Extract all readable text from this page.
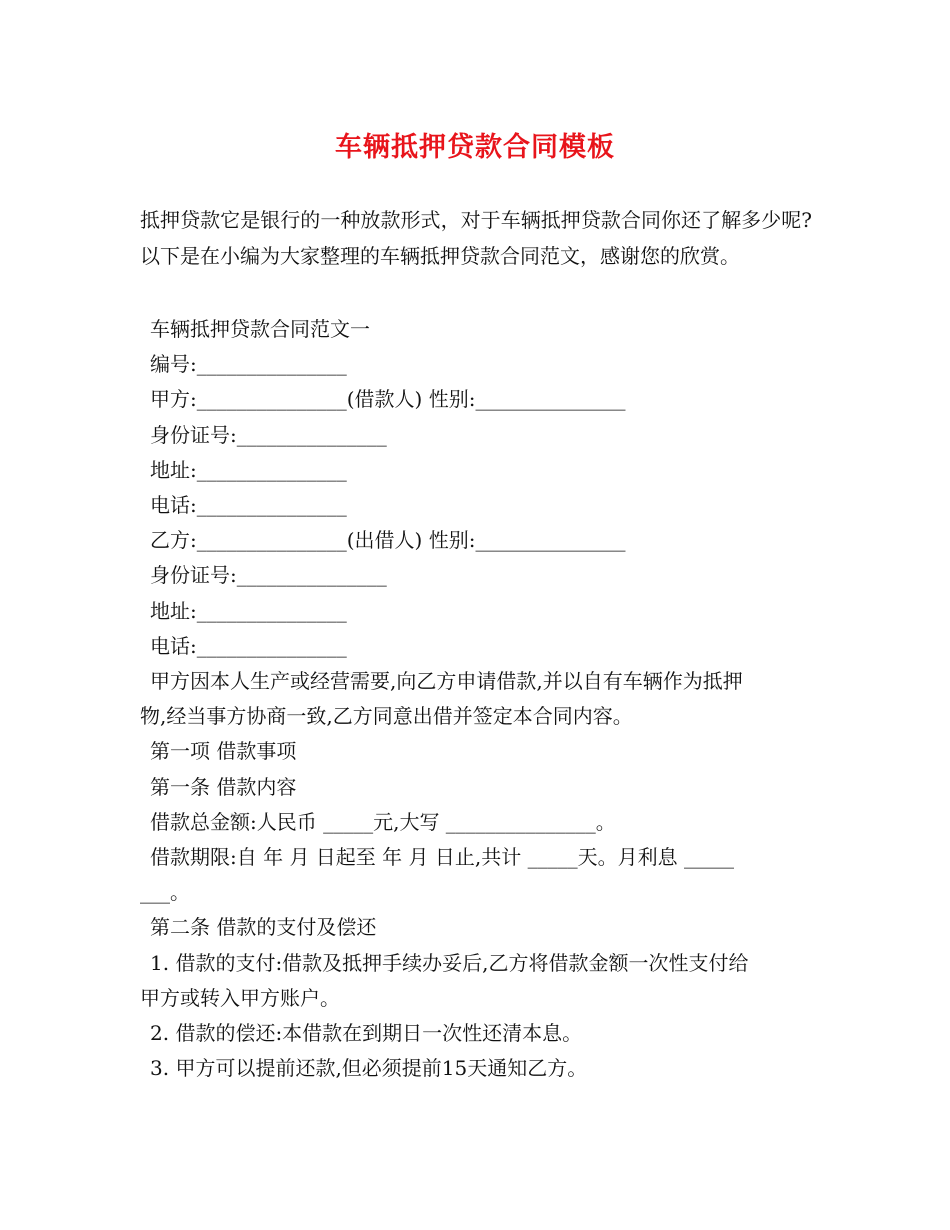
车辆抵押贷款合同模板
抵押贷款它是银行的一种放款形式，对于车辆抵押贷款合同你还了解多少呢?以下是在小编为大家整理的车辆抵押贷款合同范文，感谢您的欣赏。
车辆抵押贷款合同范文一
编号:_______________
甲方:_______________(借款人) 性别:_______________
身份证号:_______________
地址:_______________
电话:_______________
乙方:_______________(出借人) 性别:_______________
身份证号:_______________
地址:_______________
电话:_______________
甲方因本人生产或经营需要,向乙方申请借款,并以自有车辆作为抵押
物,经当事方协商一致,乙方同意出借并签定本合同内容。
第一项 借款事项
第一条 借款内容
借款总金额:人民币 _____元,大写 _______________。
借款期限:自 年 月 日起至 年 月 日止,共计 _____天。月利息 _____
___。
第二条 借款的支付及偿还
1. 借款的支付:借款及抵押手续办妥后,乙方将借款金额一次性支付给
甲方或转入甲方账户。
2. 借款的偿还:本借款在到期日一次性还清本息。
3. 甲方可以提前还款,但必须提前15天通知乙方。
